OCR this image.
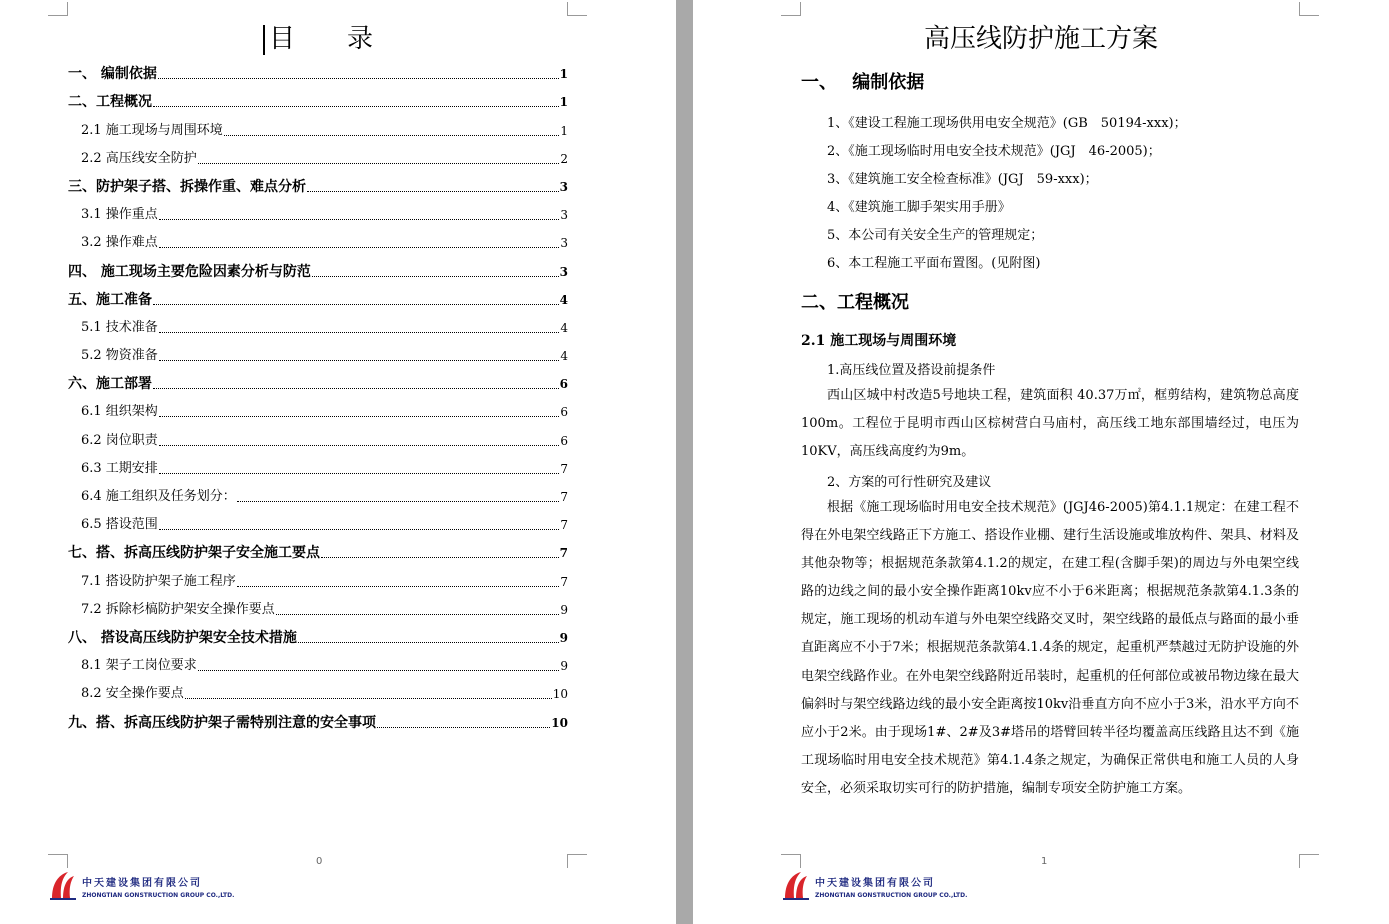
目　　录
一、 编制依据	1
二、工程概况	1
2.1 施工现场与周围环境	1
2.2 高压线安全防护	2
三、防护架子搭、拆操作重、难点分析	3
3.1 操作重点	3
3.2 操作难点	3
四、 施工现场主要危险因素分析与防范	3
五、施工准备	4
5.1 技术准备	4
5.2 物资准备	4
六、施工部署	6
6.1 组织架构	6
6.2 岗位职责	6
6.3 工期安排	7
6.4 施工组织及任务划分：	7
6.5 搭设范围	7
七、搭、拆高压线防护架子安全施工要点	7
7.1 搭设防护架子施工程序	7
7.2 拆除杉槁防护架安全操作要点	9
八、 搭设高压线防护架安全技术措施	9
8.1 架子工岗位要求	9
8.2 安全操作要点	10
九、搭、拆高压线防护架子需特别注意的安全事项	10
0
中天建设集团有限公司
ZHONGTIAN GONSTRUCTION GROUP CO.,LTD.
高压线防护施工方案
一、　 编制依据
1、《建设工程施工现场供用电安全规范》(GB　50194-xxx)；
2、《施工现场临时用电安全技术规范》(JGJ　46-2005)；
3、《建筑施工安全检查标准》(JGJ　59-xxx)；
4、《建筑施工脚手架实用手册》
5、本公司有关安全生产的管理规定；
6、本工程施工平面布置图。(见附图)
二、工程概况
2.1 施工现场与周围环境
1.高压线位置及搭设前提条件
西山区城中村改造5号地块工程，建筑面积 40.37万㎡，框剪结构，建筑物总高度100m。工程位于昆明市西山区棕树营白马庙村，高压线工地东部围墙经过，电压为10KV，高压线高度约为9m。
2、方案的可行性研究及建议
根据《施工现场临时用电安全技术规范》(JGJ46-2005)第4.1.1规定：在建工程不得在外电架空线路正下方施工、搭设作业棚、建行生活设施或堆放构件、架具、材料及其他杂物等；根据规范条款第4.1.2的规定，在建工程(含脚手架)的周边与外电架空线路的边线之间的最小安全操作距离10kv应不小于6米距离；根据规范条款第4.1.3条的规定，施工现场的机动车道与外电架空线路交叉时，架空线路的最低点与路面的最小垂直距离应不小于7米；根据规范条款第4.1.4条的规定，起重机严禁越过无防护设施的外电架空线路作业。在外电架空线路附近吊装时，起重机的任何部位或被吊物边缘在最大偏斜时与架空线路边线的最小安全距离按10kv沿垂直方向不应小于3米，沿水平方向不应小于2米。由于现场1#、2#及3#塔吊的塔臂回转半径均覆盖高压线路且达不到《施工现场临时用电安全技术规范》第4.1.4条之规定，为确保正常供电和施工人员的人身安全，必须采取切实可行的防护措施，编制专项安全防护施工方案。
1
中天建设集团有限公司
ZHONGTIAN GONSTRUCTION GROUP CO.,LTD.
